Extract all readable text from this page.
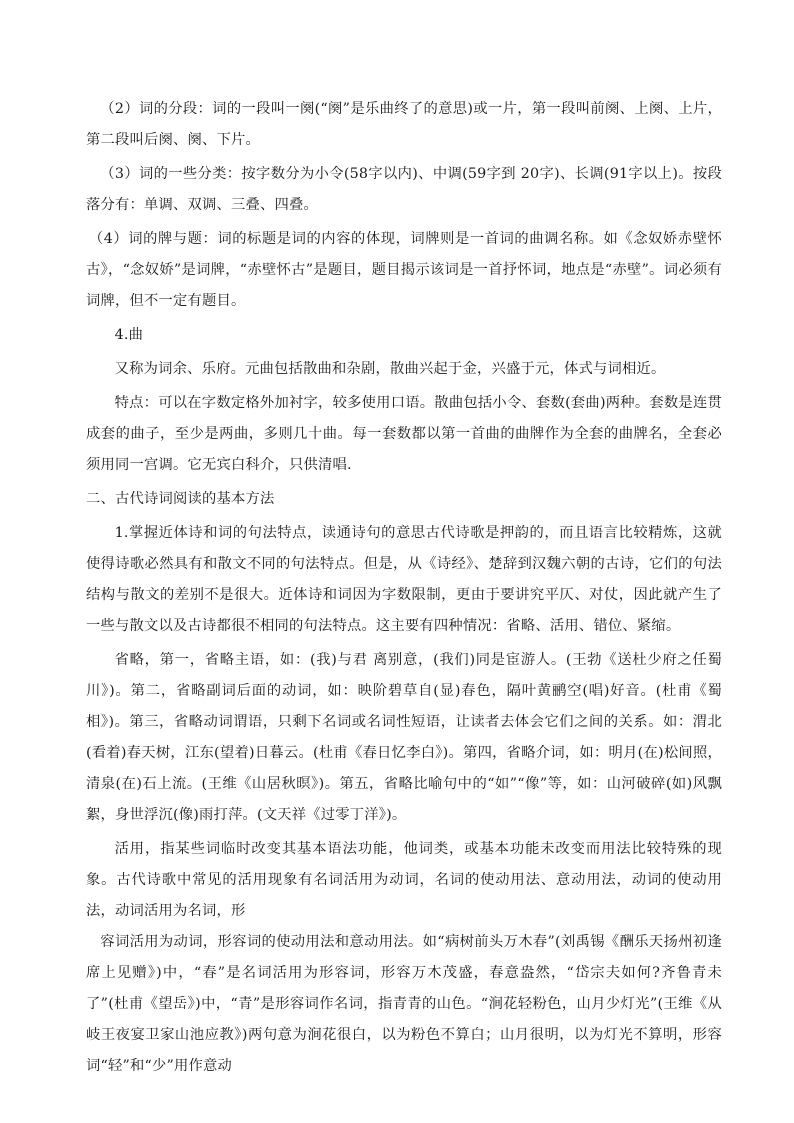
（2）词的分段：词的一段叫一阕(“阕”是乐曲终了的意思)或一片，第一段叫前阕、上阕、上片，第二段叫后阕、阕、下片。

（3）词的一些分类：按字数分为小令(58字以内)、中调(59字到 20字)、长调(91字以上)。按段落分有：单调、双调、三叠、四叠。

（4）词的牌与题：词的标题是词的内容的体现，词牌则是一首词的曲调名称。如《念奴娇赤壁怀古》，“念奴娇”是词牌，“赤壁怀古”是题目，题目揭示该词是一首抒怀词，地点是“赤壁”。词必须有词牌，但不一定有题目。

4.曲

又称为词余、乐府。元曲包括散曲和杂剧，散曲兴起于金，兴盛于元，体式与词相近。

特点：可以在字数定格外加衬字，较多使用口语。散曲包括小令、套数(套曲)两种。套数是连贯成套的曲子，至少是两曲，多则几十曲。每一套数都以第一首曲的曲牌作为全套的曲牌名，全套必须用同一宫调。它无宾白科介，只供清唱.

二、古代诗词阅读的基本方法

1.掌握近体诗和词的句法特点，读通诗句的意思古代诗歌是押韵的，而且语言比较精炼，这就使得诗歌必然具有和散文不同的句法特点。但是，从《诗经》、楚辞到汉魏六朝的古诗，它们的句法结构与散文的差别不是很大。近体诗和词因为字数限制，更由于要讲究平仄、对仗，因此就产生了一些与散文以及古诗都很不相同的句法特点。这主要有四种情况：省略、活用、错位、紧缩。

省略，第一，省略主语，如：(我)与君 离别意，(我们)同是宦游人。(王勃《送杜少府之任蜀川》)。第二，省略副词后面的动词，如：映阶碧草自(显)春色，隔叶黄鹂空(唱)好音。(杜甫《蜀相》)。第三，省略动词谓语，只剩下名词或名词性短语，让读者去体会它们之间的关系。如：渭北(看着)春天树，江东(望着)日暮云。(杜甫《春日忆李白》)。第四，省略介词，如：明月(在)松间照，清泉(在)石上流。(王维《山居秋暝》)。第五，省略比喻句中的“如”“像”等，如：山河破碎(如)风飘絮，身世浮沉(像)雨打萍。(文天祥《过零丁洋》)。

活用，指某些词临时改变其基本语法功能，他词类，或基本功能未改变而用法比较特殊的现象。古代诗歌中常见的活用现象有名词活用为动词，名词的使动用法、意动用法，动词的使动用法，动词活用为名词，形

容词活用为动词，形容词的使动用法和意动用法。如“病树前头万木春”(刘禹锡《酬乐天扬州初逢席上见赠》)中，“春”是名词活用为形容词，形容万木茂盛，春意盎然，“岱宗夫如何?齐鲁青未了”(杜甫《望岳》)中，“青”是形容词作名词，指青青的山色。“涧花轻粉色，山月少灯光”(王维《从岐王夜宴卫家山池应教》)两句意为涧花很白，以为粉色不算白；山月很明，以为灯光不算明，形容词“轻”和“少”用作意动
